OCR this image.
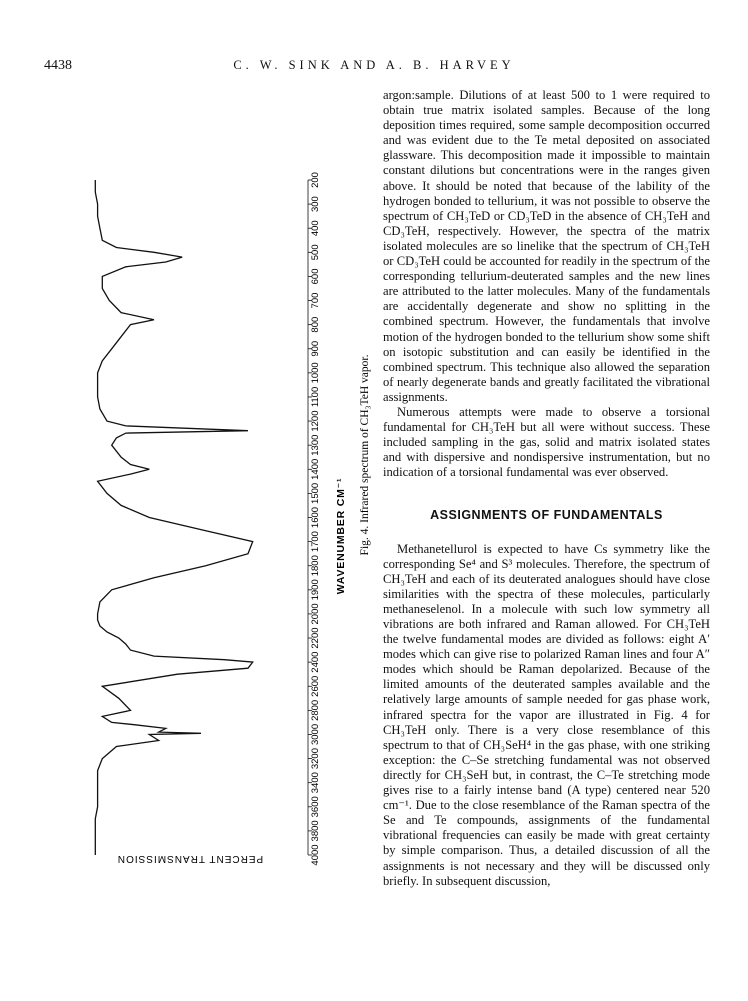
4438	C. W. SINK AND A. B. HARVEY
4000
3800
3600
3400
3200
3000
2800
2600
2400
2200
2000
1900
1800
1700
1600
1500
1400
1300
1200
1100
1000
900
800
700
600
500
400
300
200
PERCENT TRANSMISSION
WAVENUMBER CM⁻¹ Fig. 4. Infrared spectrum of CH₃TeH vapor.

argon:sample. Dilutions of at least 500 to 1 were required to obtain true matrix isolated samples. Because of the long deposition times required, some sample decomposition occurred and was evident due to the Te metal deposited on associated glassware. This decomposition made it impossible to maintain constant dilutions but concentrations were in the ranges given above. It should be noted that because of the lability of the hydrogen bonded to tellurium, it was not possible to observe the spectrum of CH₃TeD or CD₃TeD in the absence of CH₃TeH and CD₃TeH, respectively. However, the spectra of the matrix isolated molecules are so linelike that the spectrum of CH₃TeH or CD₃TeH could be accounted for readily in the spectrum of the corresponding tellurium-deuterated samples and the new lines are attributed to the latter molecules. Many of the fundamentals are accidentally degenerate and show no splitting in the combined spectrum. However, the fundamentals that involve motion of the hydrogen bonded to the tellurium show some shift on isotopic substitution and can easily be identified in the combined spectrum. This technique also allowed the separation of nearly degenerate bands and greatly facilitated the vibrational assignments.

Numerous attempts were made to observe a torsional fundamental for CH₃TeH but all were without success. These included sampling in the gas, solid and matrix isolated states and with dispersive and nondispersive instrumentation, but no indication of a torsional fundamental was ever observed.

ASSIGNMENTS OF FUNDAMENTALS

Methanetellurol is expected to have Cs symmetry like the corresponding Se⁴ and S³ molecules. Therefore, the spectrum of CH₃TeH and each of its deuterated analogues should have close similarities with the spectra of these molecules, particularly methaneselenol. In a molecule with such low symmetry all vibrations are both infrared and Raman allowed. For CH₃TeH the twelve fundamental modes are divided as follows: eight A′ modes which can give rise to polarized Raman lines and four A″ modes which should be Raman depolarized. Because of the limited amounts of the deuterated samples available and the relatively large amounts of sample needed for gas phase work, infrared spectra for the vapor are illustrated in Fig. 4 for CH₃TeH only. There is a very close resemblance of this spectrum to that of CH₃SeH⁴ in the gas phase, with one striking exception: the C–Se stretching fundamental was not observed directly for CH₃SeH but, in contrast, the C–Te stretching mode gives rise to a fairly intense band (A type) centered near 520 cm⁻¹. Due to the close resemblance of the Raman spectra of the Se and Te compounds, assignments of the fundamental vibrational frequencies can easily be made with great certainty by simple comparison. Thus, a detailed discussion of all the assignments is not necessary and they will be discussed only briefly. In subsequent discussion,
